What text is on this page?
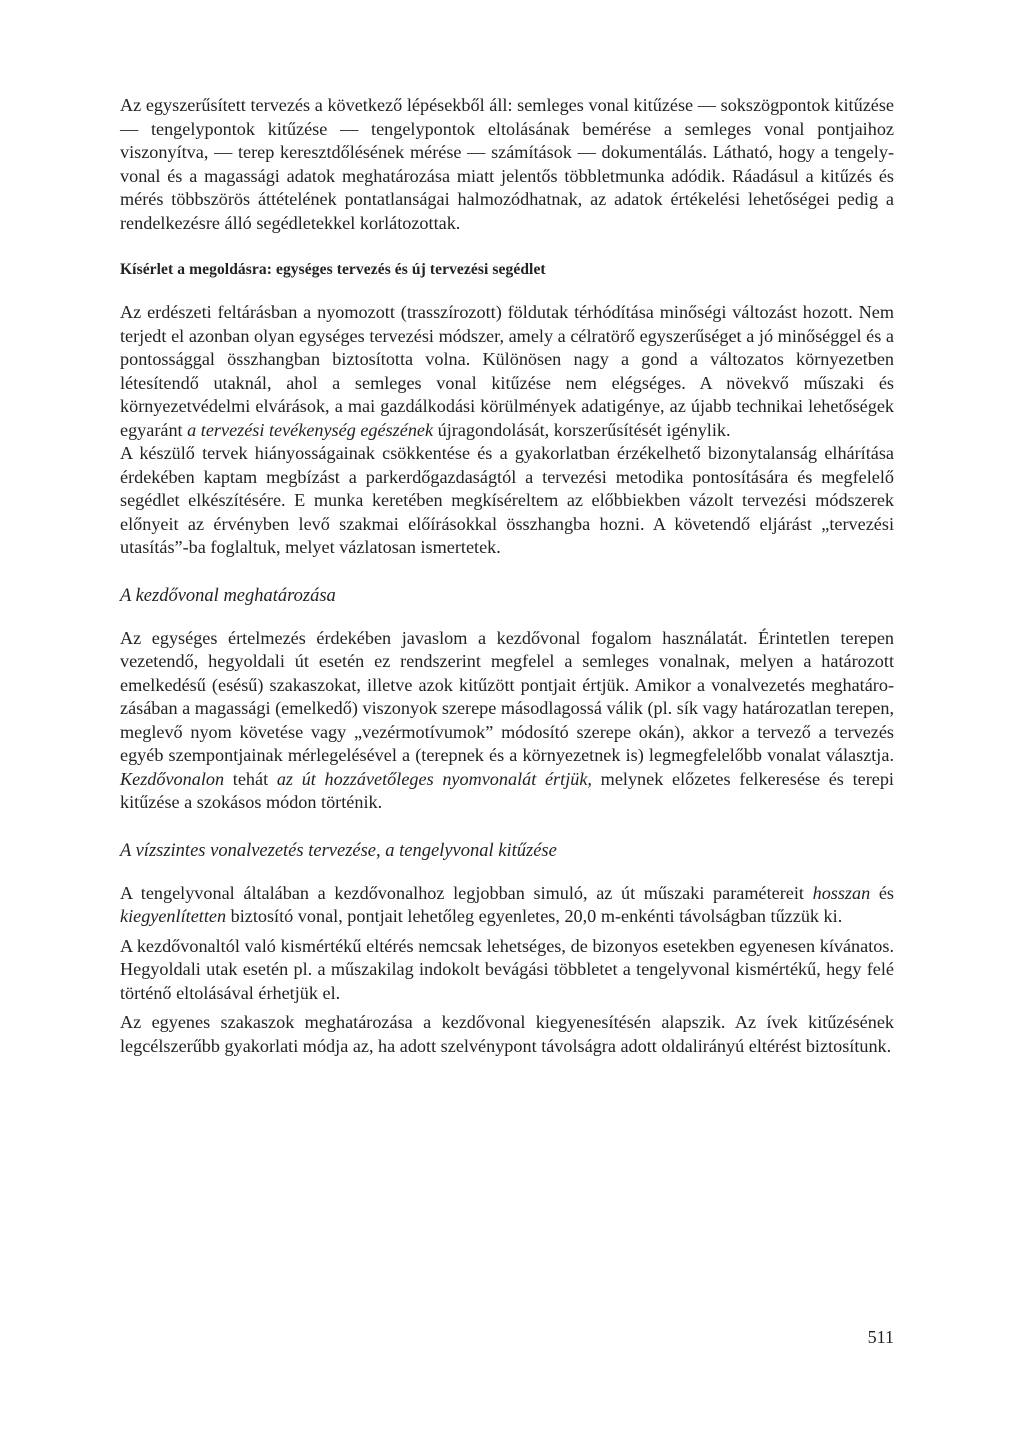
Az egyszerűsített tervezés a következő lépésekből áll: semleges vonal kitűzése — sokszögpontok kitűzése — tengelypontok kitűzése — tengelypontok eltolásának bemérése a semleges vonal pontjaihoz viszonyítva, — terep keresztdőlésének mérése — számítások — dokumentálás. Látható, hogy a tengelyvonal és a magassági adatok meghatározása miatt jelentős többletmunka adódik. Ráadásul a kitűzés és mérés többszörös áttételének pontatlanságai halmozódhatnak, az adatok értékelési lehetőségei pedig a rendelkezésre álló segédletekkel korlátozottak.

Kísérlet a megoldásra: egységes tervezés és új tervezési segédlet

Az erdészeti feltárásban a nyomozott (trasszírozott) földutak térhódítása minőségi változást hozott. Nem terjedt el azonban olyan egységes tervezési módszer, amely a célratörő egyszerűséget a jó minőséggel és a pontossággal összhangban biztosította volna. Különösen nagy a gond a változatos környezetben létesítendő utaknál, ahol a semleges vonal kitűzése nem elégséges. A növekvő műszaki és környezetvédelmi elvárások, a mai gazdálkodási körülmények adatigénye, az újabb technikai lehetőségek egyaránt a tervezési tevékenység egészének újragondolását, korszerűsítését igénylik.

A készülő tervek hiányosságainak csökkentése és a gyakorlatban érzékelhető bizonytalanság elhárítása érdekében kaptam megbízást a parkerdőgazdaságtól a tervezési metodika pontosítására és megfelelő segédlet elkészítésére. E munka keretében megkíséreltem az előbbiekben vázolt tervezési módszerek előnyeit az érvényben levő szakmai előírásokkal összhangba hozni. A követendő eljárást „tervezési utasítás”-ba foglaltuk, melyet vázlatosan ismertetek.

A kezdővonal meghatározása

Az egységes értelmezés érdekében javaslom a kezdővonal fogalom használatát. Érintetlen terepen vezetendő, hegyoldali út esetén ez rendszerint megfelel a semleges vonalnak, melyen a határozott emelkedésű (esésű) szakaszokat, illetve azok kitűzött pontjait értjük. Amikor a vonalvezetés meghatározásában a magassági (emelkedő) viszonyok szerepe másodlagossá válik (pl. sík vagy határozatlan terepen, meglevő nyom követése vagy „vezérmotívumok” módosító szerepe okán), akkor a tervező a tervezés egyéb szempontjainak mérlegelésével a (terepnek és a környezetnek is) legmegfelelőbb vonalat választja. Kezdővonalon tehát az út hozzávetőleges nyomvonalát értjük, melynek előzetes felkeresése és terepi kitűzése a szokásos módon történik.

A vízszintes vonalvezetés tervezése, a tengelyvonal kitűzése

A tengelyvonal általában a kezdővonalhoz legjobban simuló, az út műszaki paramétereit hosszan és kiegyenlítetten biztosító vonal, pontjait lehetőleg egyenletes, 20,0 m-enkénti távolságban tűzzük ki.

A kezdővonaltól való kismértékű eltérés nemcsak lehetséges, de bizonyos esetekben egyenesen kívánatos. Hegyoldali utak esetén pl. a műszakilag indokolt bevágási többletet a tengelyvonal kismértékű, hegy felé történő eltolásával érhetjük el.

Az egyenes szakaszok meghatározása a kezdővonal kiegyenesítésén alapszik. Az ívek kitűzésének legcélszerűbb gyakorlati módja az, ha adott szelvénypont távolságra adott oldalirányú eltérést biztosítunk.

511
